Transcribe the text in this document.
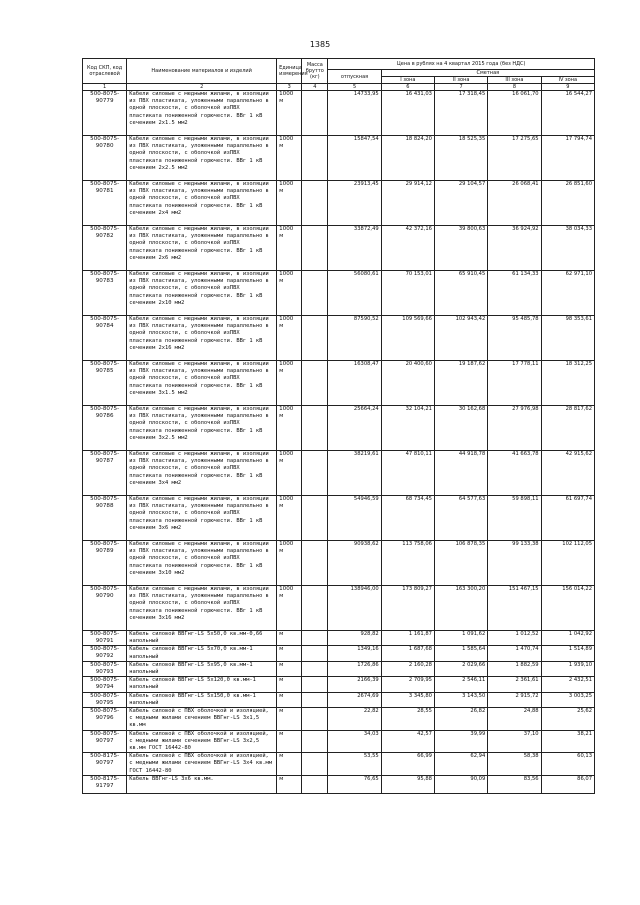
1385
Код СКП, код отраслевой	Наименование материалов и изделий	Единица измерения	Масса брутто (кг)	Цена в рублях на 4 квартал 2015 года (без НДС)				
				отпускная	Сметная			
					I зона	II зона	III зона	IV зона
1	2	3	4	5	6	7	8	9
500-8075-90779	Кабели силовые с медными жилами, в изоляции из ПВХ пластиката, уложенными параллельно в одной плоскости, с оболочкой изПВХ пластиката пониженной горючести. ВВг 1 кВ сечением 2х1.5 мм2	1000 м		14733,95	16 431,03	17 318,45	16 061,70	16 544,27
500-8075-90780	Кабели силовые с медными жилами, в изоляции из ПВХ пластиката, уложенными параллельно в одной плоскости, с оболочкой изПВХ пластиката пониженной горючести. ВВг 1 кВ сечением 2х2.5 мм2	1000 м		15847,54	18 824,20	18 525,35	17 275,65	17 794,74
500-8075-90781	Кабели силовые с медными жилами, в изоляции из ПВХ пластиката, уложенными параллельно в одной плоскости, с оболочкой изПВХ пластиката пониженной горючести. ВВг 1 кВ сечением 2х4 мм2	1000 м		23913,45	29 914,12	29 104,57	26 068,41	26 851,60
500-8075-90782	Кабели силовые с медными жилами, в изоляции из ПВХ пластиката, уложенными параллельно в одной плоскости, с оболочкой изПВХ пластиката пониженной горючести. ВВг 1 кВ сечением 2х6 мм2	1000 м		33872,49	42 372,16	39 800,63	36 924,92	38 034,33
500-8075-90783	Кабели силовые с медными жилами, в изоляции из ПВХ пластиката, уложенными параллельно в одной плоскости, с оболочкой изПВХ пластиката пониженной горючести. ВВг 1 кВ сечением 2х10 мм2	1000 м		56080,61	70 153,01	65 910,45	61 134,33	62 971,10
500-8075-90784	Кабели силовые с медными жилами, в изоляции из ПВХ пластиката, уложенными параллельно в одной плоскости, с оболочкой изПВХ пластиката пониженной горючести. ВВг 1 кВ сечением 2х16 мм2	1000 м		87590,52	109 569,66	102 943,42	95 485,78	98 353,61
500-8075-90785	Кабели силовые с медными жилами, в изоляции из ПВХ пластиката, уложенными параллельно в одной плоскости, с оболочкой изПВХ пластиката пониженной горючести. ВВг 1 кВ сечением 3х1.5 мм2	1000 м		16308,47	20 400,60	19 187,62	17 778,11	18 312,25
500-8075-90786	Кабели силовые с медными жилами, в изоляции из ПВХ пластиката, уложенными параллельно в одной плоскости, с оболочкой изПВХ пластиката пониженной горючести. ВВг 1 кВ сечением 3х2.5 мм2	1000 м		25664,24	32 104,21	30 162,68	27 976,98	28 817,62
500-8075-90787	Кабели силовые с медными жилами, в изоляции из ПВХ пластиката, уложенными параллельно в одной плоскости, с оболочкой изПВХ пластиката пониженной горючести. ВВг 1 кВ сечением 3х4 мм2	1000 м		38219,61	47 810,11	44 918,78	41 663,78	42 915,62
500-8075-90788	Кабели силовые с медными жилами, в изоляции из ПВХ пластиката, уложенными параллельно в одной плоскости, с оболочкой изПВХ пластиката пониженной горючести. ВВг 1 кВ сечением 3х6 мм2	1000 м		54946,59	68 734,45	64 577,63	59 898,11	61 697,74
500-8075-90789	Кабели силовые с медными жилами, в изоляции из ПВХ пластиката, уложенными параллельно в одной плоскости, с оболочкой изПВХ пластиката пониженной горючести. ВВг 1 кВ сечением 3х10 мм2	1000 м		90938,62	113 758,06	106 878,35	99 133,38	102 112,05
500-8075-90790	Кабели силовые с медными жилами, в изоляции из ПВХ пластиката, уложенными параллельно в одной плоскости, с оболочкой изПВХ пластиката пониженной горючести. ВВг 1 кВ сечением 3х16 мм2	1000 м		138946,00	173 809,27	163 300,20	151 467,15	156 014,22
500-8075-90791	Кабель силовой ВВГнг-LS 5х50,0 кв.мм-0,66 напольный	м		928,82	1 161,87	1 091,62	1 012,52	1 042,92
500-8075-90792	Кабель силовой ВВГнг-LS 5х70,0 кв.мм-1 напольный	м		1349,16	1 687,68	1 585,64	1 470,74	1 514,89
500-8075-90793	Кабель силовой ВВГнг-LS 5х95,0 кв.мм-1 напольный	м		1726,86	2 160,28	2 029,66	1 882,59	1 939,10
500-8075-90794	Кабель силовой ВВГнг-LS 5х120,0 кв.мм-1 напольный	м		2166,39	2 709,95	2 546,11	2 361,61	2 432,51
500-8075-90795	Кабель силовой ВВГнг-LS 5х150,0 кв.мм-1 напольный	м		2674,69	3 345,80	3 143,50	2 915,72	3 003,25
500-8075-90796	Кабель силовой с ПВХ оболочкой и изоляцией, с медными жилами сечением ВВГнг-LS 3х1,5 кв.мм	м		22,82	28,55	26,82	24,88	25,62
500-8075-90797	Кабель силовой с ПВХ оболочкой и изоляцией, с медными жилами сечением ВВГнг-LS 3х2,5 кв.мм ГОСТ 16442-80	м		34,03	42,57	39,99	37,10	38,21
500-8175-90797	Кабель силовой с ПВХ оболочкой и изоляцией, с медными жилами сечением ВВГнг-LS 3х4 кв.мм ГОСТ 16442-80	м		53,55	66,99	62,94	58,38	60,13
500-8175-91797	Кабель ВВГнг-LS 3х6 кв.мм.	м		76,65	95,88	90,09	83,56	86,07
